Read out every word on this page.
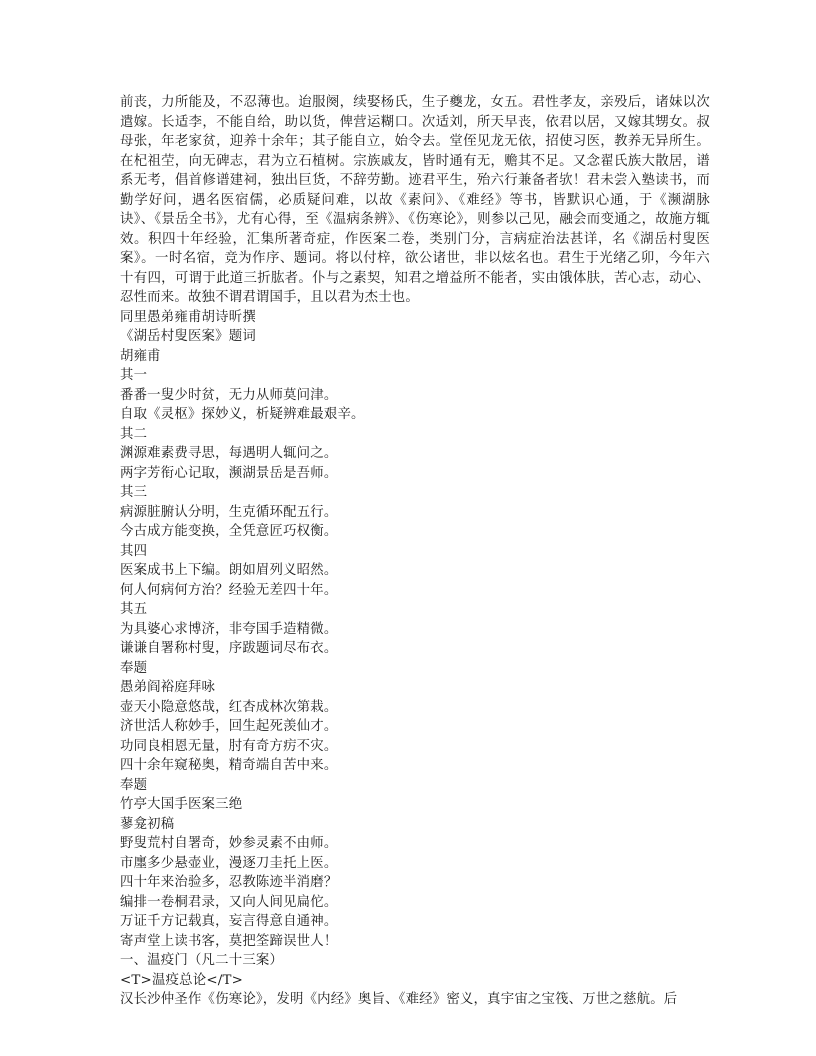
前丧，力所能及，不忍薄也。迨服阕，续娶杨氏，生子夔龙，女五。君性孝友，亲殁后，诸妹以次遣嫁。长适李，不能自给，助以货，俾营运糊口。次适刘，所天早丧，依君以居，又嫁其甥女。叔母张，年老家贫，迎养十余年；其子能自立，始令去。堂侄见龙无依，招使习医，教养无异所生。在杞祖茔，向无碑志，君为立石植树。宗族戚友，皆时通有无，赡其不足。又念翟氏族大散居，谱系无考，倡首修谱建祠，独出巨货，不辞劳勤。迹君平生，殆六行兼备者欤！君未尝入塾读书，而勤学好问，遇名医宿儒，必质疑问难，以故《素问》、《难经》等书，皆默识心通，于《濒湖脉诀》、《景岳全书》，尤有心得，至《温病条辨》、《伤寒论》，则参以己见，融会而变通之，故施方辄效。积四十年经验，汇集所著奇症，作医案二卷，类别门分，言病症治法甚详，名《湖岳村叟医案》。一时名宿，竞为作序、题词。将以付梓，欲公诸世，非以炫名也。君生于光绪乙卯，今年六十有四，可谓于此道三折肱者。仆与之素契，知君之增益所不能者，实由饿体肤，苦心志，动心、忍性而来。故独不谓君谓国手，且以君为杰士也。

同里愚弟雍甫胡诗昕撰

《湖岳村叟医案》题词

胡雍甫

其一

番番一叟少时贫，无力从师莫问津。

自取《灵枢》探妙义，析疑辨难最艰辛。

其二

渊源难素费寻思，每遇明人辄问之。

两字芳衔心记取，濒湖景岳是吾师。

其三

病源脏腑认分明，生克循环配五行。

今古成方能变换，全凭意匠巧权衡。

其四

医案成书上下编。朗如眉列义昭然。

何人何病何方治？经验无差四十年。

其五

为具婆心求博济，非夸国手造精微。

谦谦自署称村叟，序跋题词尽布衣。

奉题

愚弟阎裕庭拜咏

壶天小隐意悠哉，红杏成林次第栽。

济世活人称妙手，回生起死羡仙才。

功同良相恩无量，肘有奇方疠不灾。

四十余年窥秘奥，精奇端自苦中来。

奉题

竹亭大国手医案三绝

蓼龛初稿

野叟荒村自署奇，妙参灵素不由师。

市廛多少悬壶业，漫逐刀圭托上医。

四十年来治验多，忍教陈迹半消磨？

编排一卷桐君录，又向人间见扁佗。

万证千方记载真，妄言得意自通神。

寄声堂上读书客，莫把筌蹄误世人！

一、温疫门（凡二十三案）

<T>温疫总论</T>

汉长沙仲圣作《伤寒论》，发明《内经》奥旨、《难经》密义，真宇宙之宝筏、万世之慈航。后
